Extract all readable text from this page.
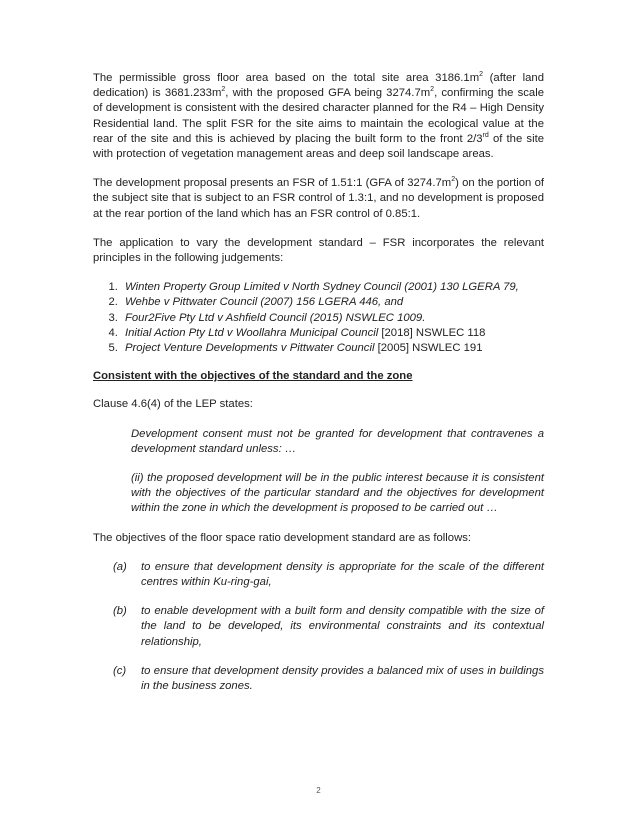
The permissible gross floor area based on the total site area $3186.1m^2$ (after land dedication) is $3681.233m^2$, with the proposed GFA being $3274.7m^2$, confirming the scale of development is consistent with the desired character planned for the R4 – High Density Residential land. The split FSR for the site aims to maintain the ecological value at the rear of the site and this is achieved by placing the built form to the front 2/3rd of the site with protection of vegetation management areas and deep soil landscape areas.

The development proposal presents an FSR of 1.51:1 (GFA of $3274.7m^2$) on the portion of the subject site that is subject to an FSR control of 1.3:1, and no development is proposed at the rear portion of the land which has an FSR control of 0.85:1.

The application to vary the development standard – FSR incorporates the relevant principles in the following judgements:

1. Winten Property Group Limited v North Sydney Council (2001) 130 LGERA 79,
2. Wehbe v Pittwater Council (2007) 156 LGERA 446, and
3. Four2Five Pty Ltd v Ashfield Council (2015) NSWLEC 1009.
4. Initial Action Pty Ltd v Woollahra Municipal Council [2018] NSWLEC 118
5. Project Venture Developments v Pittwater Council [2005] NSWLEC 191
Consistent with the objectives of the standard and the zone

Clause 4.6(4) of the LEP states:

Development consent must not be granted for development that contravenes a development standard unless: …
(ii) the proposed development will be in the public interest because it is consistent with the objectives of the particular standard and the objectives for development within the zone in which the development is proposed to be carried out …

The objectives of the floor space ratio development standard are as follows:

(a)	to ensure that development density is appropriate for the scale of the different centres within Ku-ring-gai,
(b)	to enable development with a built form and density compatible with the size of the land to be developed, its environmental constraints and its contextual relationship,
(c)	to ensure that development density provides a balanced mix of uses in buildings in the business zones.
2
